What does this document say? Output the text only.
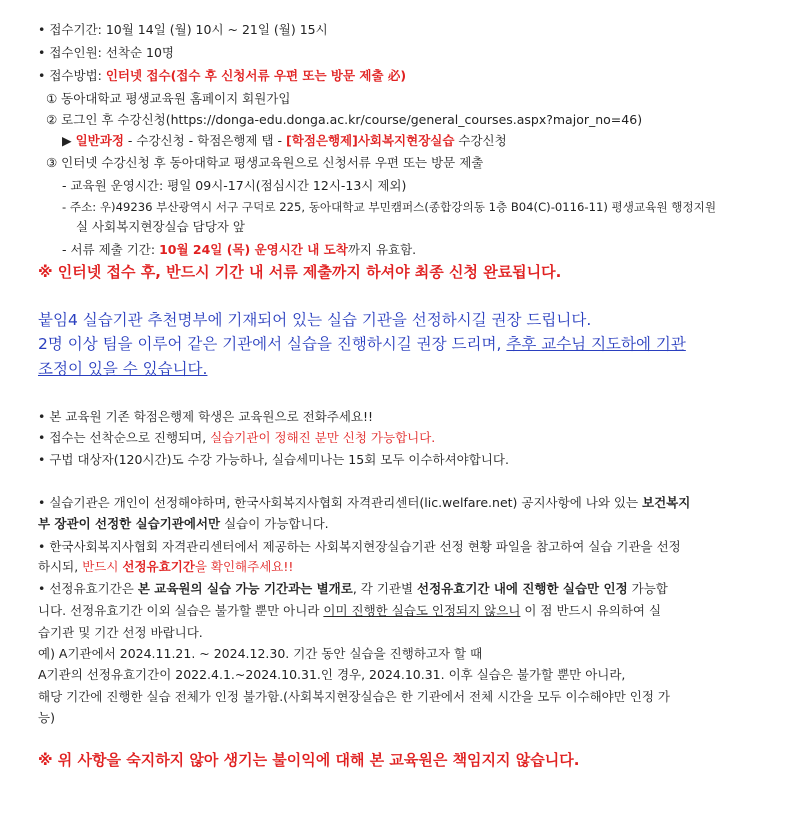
• 접수기간: 10월 14일 (월) 10시 ~ 21일 (월) 15시
• 접수인원: 선착순 10명
• 접수방법: 인터넷 접수(접수 후 신청서류 우편 또는 방문 제출 必)
① 동아대학교 평생교육원 홈페이지 회원가입
② 로그인 후 수강신청(https://donga-edu.donga.ac.kr/course/general_courses.aspx?major_no=46)
▶ 일반과정 - 수강신청 - 학점은행제 탭 - [학점은행제]사회복지현장실습 수강신청
③ 인터넷 수강신청 후 동아대학교 평생교육원으로 신청서류 우편 또는 방문 제출
- 교육원 운영시간: 평일 09시-17시(점심시간 12시-13시 제외)
- 주소: 우)49236 부산광역시 서구 구덕로 225, 동아대학교 부민캠퍼스(종합강의동 1층 B04(C)-0116-11) 평생교육원 행정지원
실 사회복지현장실습 담당자 앞
- 서류 제출 기간: 10월 24일 (목) 운영시간 내 도착까지 유효함.
※ 인터넷 접수 후, 반드시 기간 내 서류 제출까지 하셔야 최종 신청 완료됩니다.
붙임4 실습기관 추천명부에 기재되어 있는 실습 기관을 선정하시길 권장 드립니다.
2명 이상 팀을 이루어 같은 기관에서 실습을 진행하시길 권장 드리며, 추후 교수님 지도하에 기관
조정이 있을 수 있습니다.
• 본 교육원 기존 학점은행제 학생은 교육원으로 전화주세요!!
• 접수는 선착순으로 진행되며, 실습기관이 정해진 분만 신청 가능합니다.
• 구법 대상자(120시간)도 수강 가능하나, 실습세미나는 15회 모두 이수하셔야합니다.
• 실습기관은 개인이 선정해야하며, 한국사회복지사협회 자격관리센터(lic.welfare.net) 공지사항에 나와 있는 보건복지
부 장관이 선정한 실습기관에서만 실습이 가능합니다.
• 한국사회복지사협회 자격관리센터에서 제공하는 사회복지현장실습기관 선정 현황 파일을 참고하여 실습 기관을 선정
하시되, 반드시 선정유효기간을 확인해주세요!!
• 선정유효기간은 본 교육원의 실습 가능 기간과는 별개로, 각 기관별 선정유효기간 내에 진행한 실습만 인정 가능합
니다. 선정유효기간 이외 실습은 불가할 뿐만 아니라 이미 진행한 실습도 인정되지 않으니 이 점 반드시 유의하여 실
습기관 및 기간 선정 바랍니다.
예) A기관에서 2024.11.21. ~ 2024.12.30. 기간 동안 실습을 진행하고자 할 때
A기관의 선정유효기간이 2022.4.1.~2024.10.31.인 경우, 2024.10.31. 이후 실습은 불가할 뿐만 아니라,
해당 기간에 진행한 실습 전체가 인정 불가함.(사회복지현장실습은 한 기관에서 전체 시간을 모두 이수해야만 인정 가
능)
※ 위 사항을 숙지하지 않아 생기는 불이익에 대해 본 교육원은 책임지지 않습니다.
